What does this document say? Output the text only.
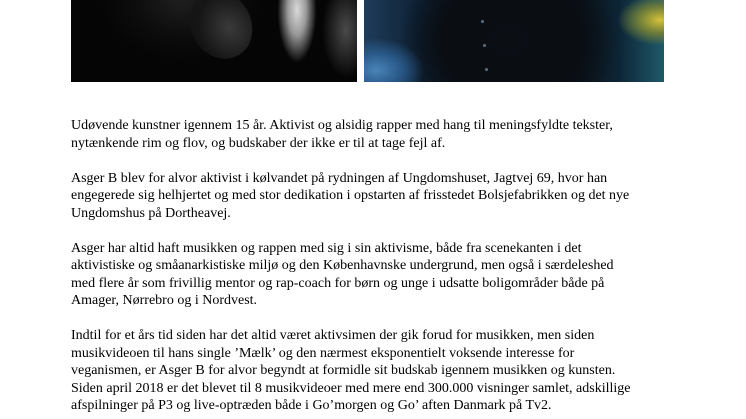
Udøvende kunstner igennem 15 år. Aktivist og alsidig rapper med hang til meningsfyldte tekster,
nytænkende rim og flov, og budskaber der ikke er til at tage fejl af.

Asger B blev for alvor aktivist i kølvandet på rydningen af Ungdomshuset, Jagtvej 69, hvor han
engegerede sig helhjertet og med stor dedikation i opstarten af frisstedet Bolsjefabrikken og det nye
Ungdomshus på Dortheavej.

Asger har altid haft musikken og rappen med sig i sin aktivisme, både fra scenekanten i det
aktivistiske og småanarkistiske miljø og den Københavnske undergrund, men også i særdeleshed
med flere år som frivillig mentor og rap-coach for børn og unge i udsatte boligområder både på
Amager, Nørrebro og i Nordvest.

Indtil for et års tid siden har det altid været aktivsimen der gik forud for musikken, men siden
musikvideoen til hans single ’Mælk’ og den nærmest eksponentielt voksende interesse for
veganismen, er Asger B for alvor begyndt at formidle sit budskab igennem musikken og kunsten.
Siden april 2018 er det blevet til 8 musikvideoer med mere end 300.000 visninger samlet, adskillige
afspilninger på P3 og live-optræden både i Go’morgen og Go’ aften Danmark på Tv2.
